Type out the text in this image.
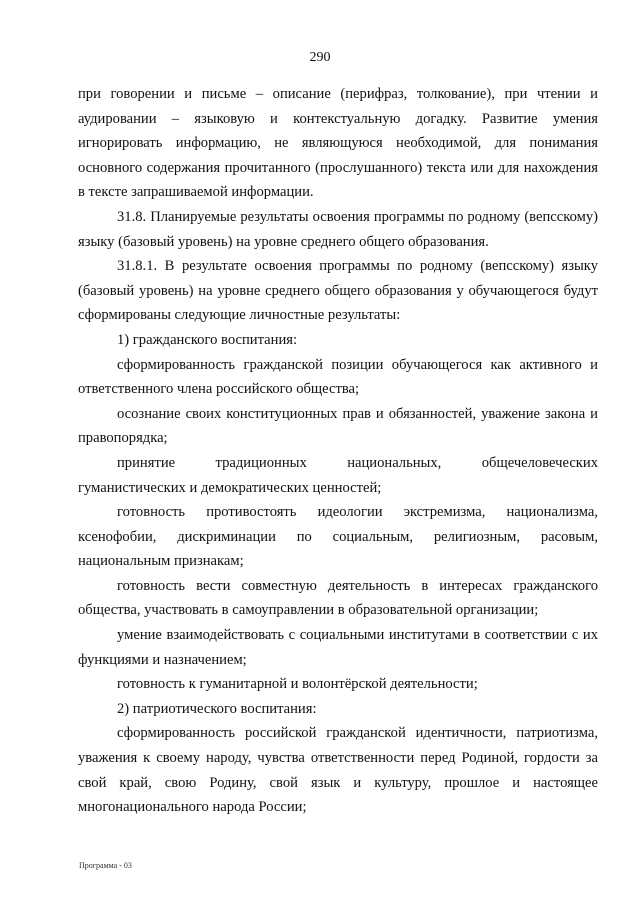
290

при говорении и письме – описание (перифраз, толкование), при чтении и аудировании – языковую и контекстуальную догадку. Развитие умения игнорировать информацию, не являющуюся необходимой, для понимания основного содержания прочитанного (прослушанного) текста или для нахождения в тексте запрашиваемой информации.

31.8. Планируемые результаты освоения программы по родному (вепсскому) языку (базовый уровень) на уровне среднего общего образования.

31.8.1. В результате освоения программы по родному (вепсскому) языку (базовый уровень) на уровне среднего общего образования у обучающегося будут сформированы следующие личностные результаты:

1) гражданского воспитания:

сформированность гражданской позиции обучающегося как активного и ответственного члена российского общества;

осознание своих конституционных прав и обязанностей, уважение закона и правопорядка;

принятие традиционных национальных, общечеловеческих гуманистических и демократических ценностей;

готовность противостоять идеологии экстремизма, национализма, ксенофобии, дискриминации по социальным, религиозным, расовым, национальным признакам;

готовность вести совместную деятельность в интересах гражданского общества, участвовать в самоуправлении в образовательной организации;

умение взаимодействовать с социальными институтами в соответствии с их функциями и назначением;

готовность к гуманитарной и волонтёрской деятельности;

2) патриотического воспитания:

сформированность российской гражданской идентичности, патриотизма, уважения к своему народу, чувства ответственности перед Родиной, гордости за свой край, свою Родину, свой язык и культуру, прошлое и настоящее многонационального народа России;

Программа - 03
